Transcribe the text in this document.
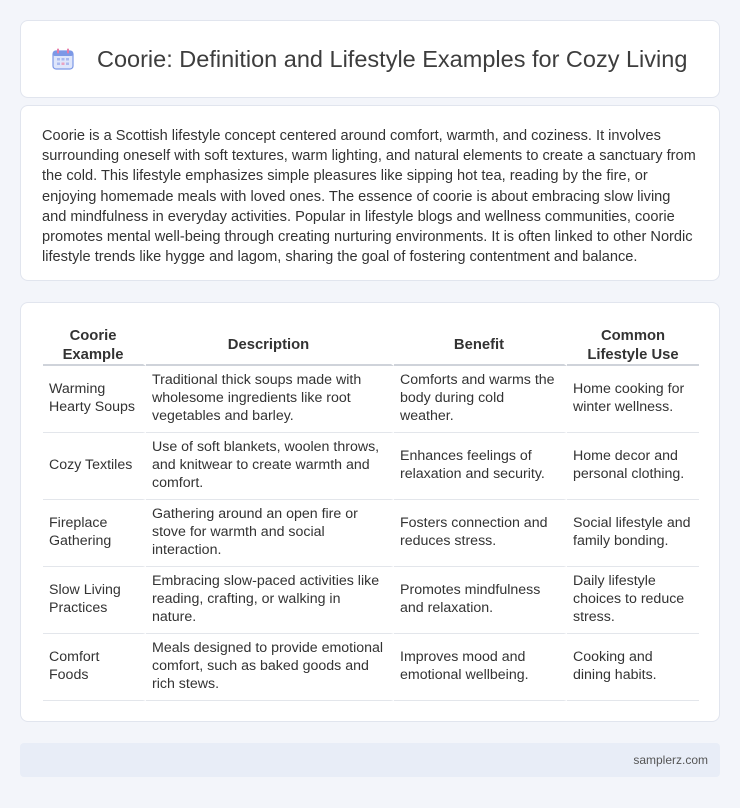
Coorie: Definition and Lifestyle Examples for Cozy Living

Coorie is a Scottish lifestyle concept centered around comfort, warmth, and coziness. It involves surrounding oneself with soft textures, warm lighting, and natural elements to create a sanctuary from the cold. This lifestyle emphasizes simple pleasures like sipping hot tea, reading by the fire, or enjoying homemade meals with loved ones. The essence of coorie is about embracing slow living and mindfulness in everyday activities. Popular in lifestyle blogs and wellness communities, coorie promotes mental well-being through creating nurturing environments. It is often linked to other Nordic lifestyle trends like hygge and lagom, sharing the goal of fostering contentment and balance.

Coorie Example	Description	Benefit	Common Lifestyle Use
Warming Hearty Soups	Traditional thick soups made with wholesome ingredients like root vegetables and barley.	Comforts and warms the body during cold weather.	Home cooking for winter wellness.
Cozy Textiles	Use of soft blankets, woolen throws, and knitwear to create warmth and comfort.	Enhances feelings of relaxation and security.	Home decor and personal clothing.
Fireplace Gathering	Gathering around an open fire or stove for warmth and social interaction.	Fosters connection and reduces stress.	Social lifestyle and family bonding.
Slow Living Practices	Embracing slow-paced activities like reading, crafting, or walking in nature.	Promotes mindfulness and relaxation.	Daily lifestyle choices to reduce stress.
Comfort Foods	Meals designed to provide emotional comfort, such as baked goods and rich stews.	Improves mood and emotional wellbeing.	Cooking and dining habits.
samplerz.com
